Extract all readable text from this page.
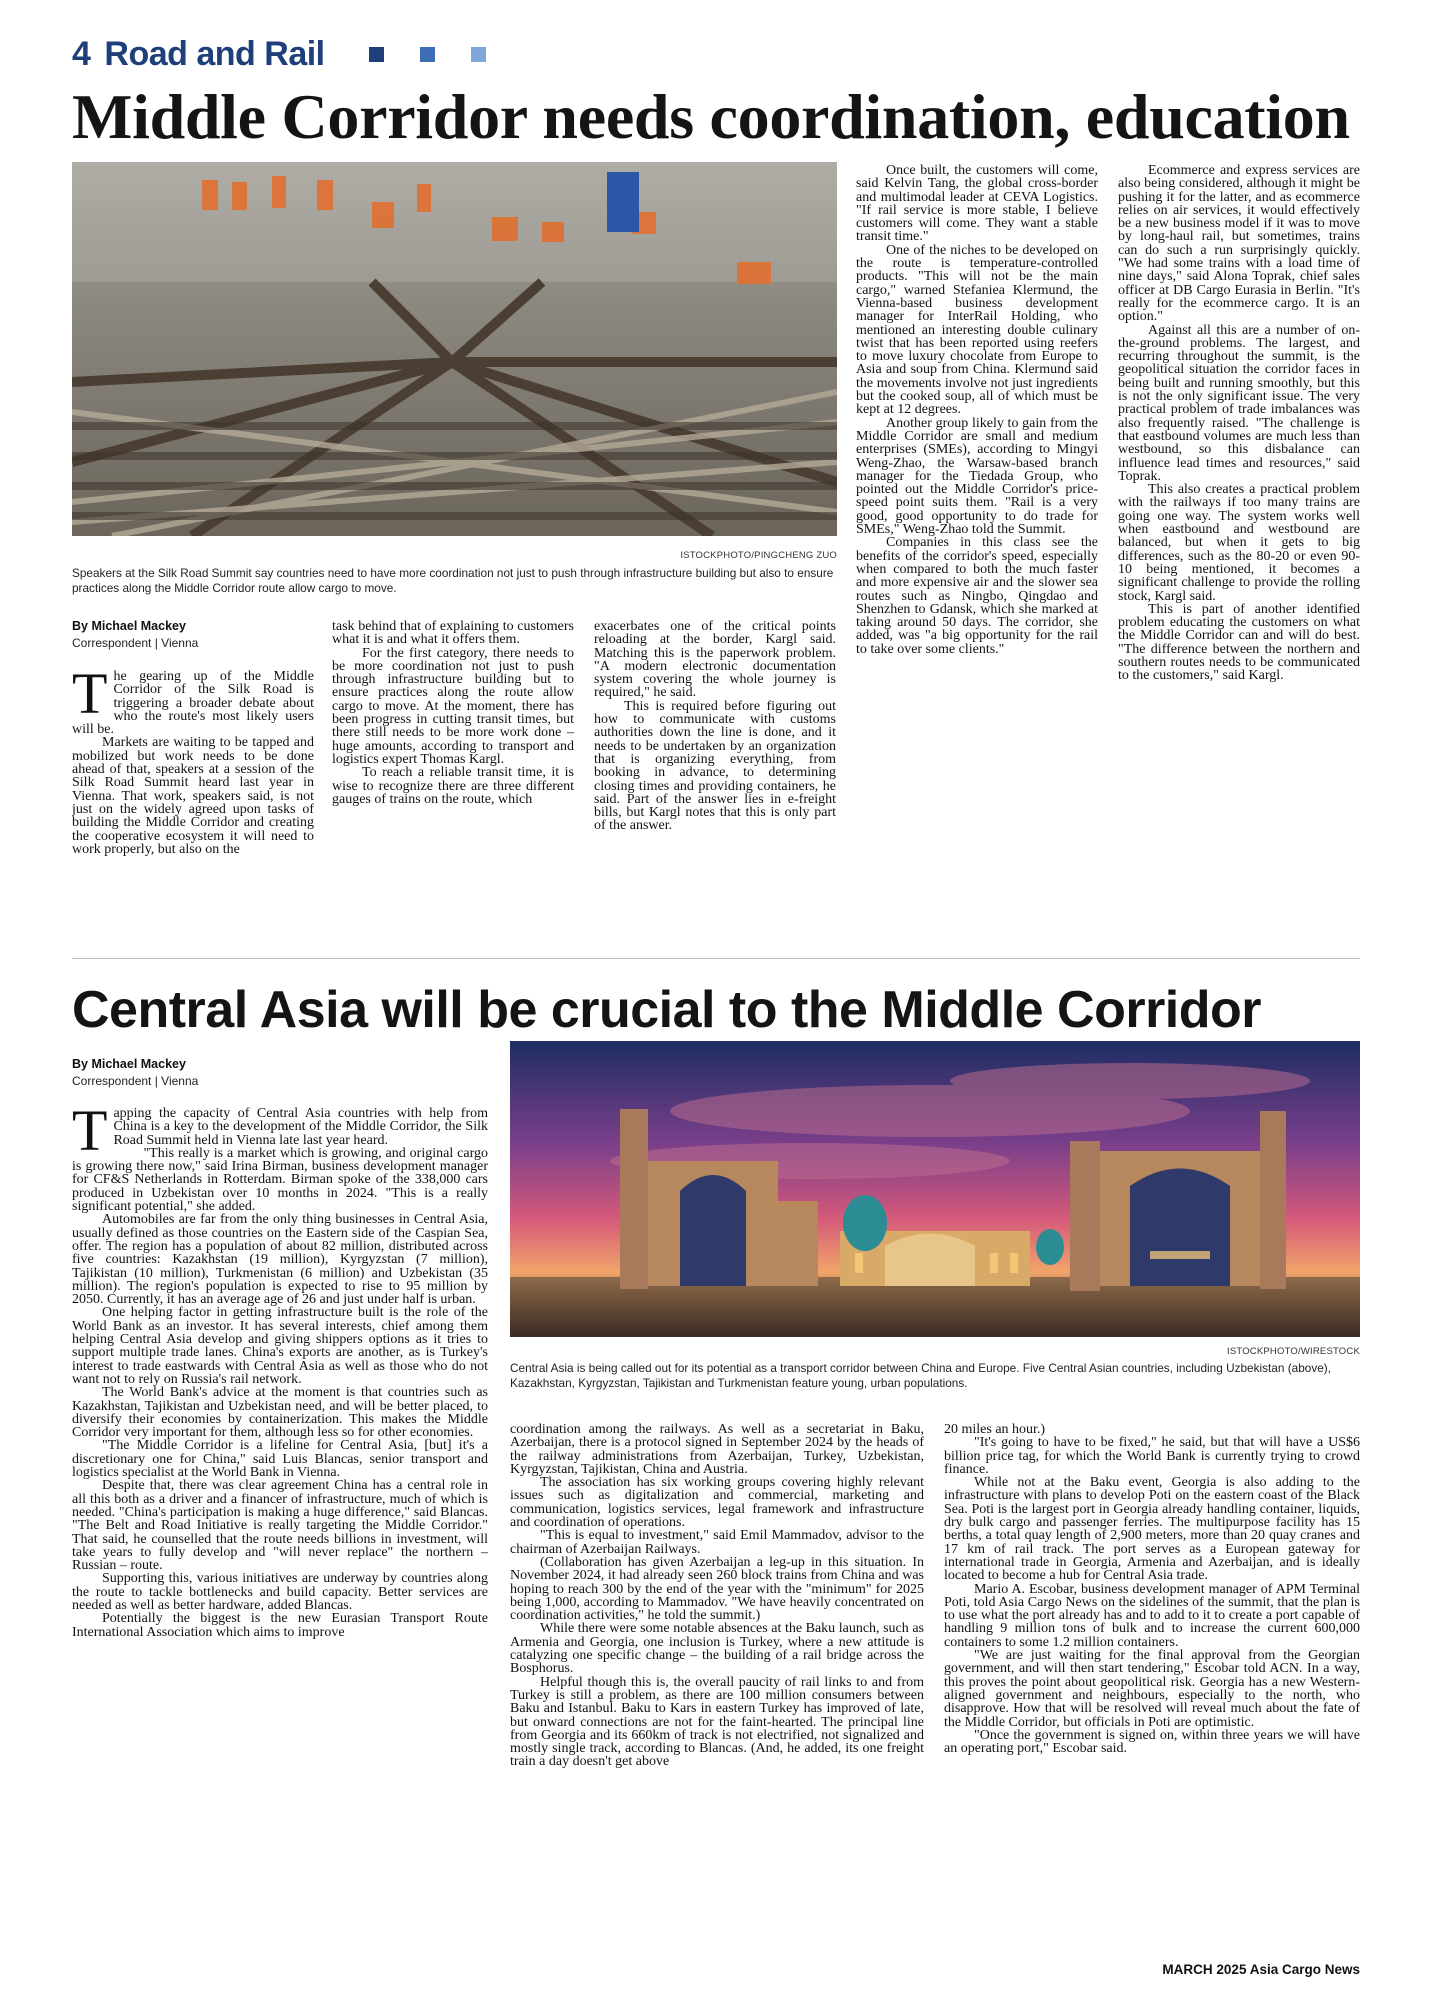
4 Road and Rail
Middle Corridor needs coordination, education
ISTOCKPHOTO/PINGCHENG ZUO
Speakers at the Silk Road Summit say countries need to have more coordination not just to push through infrastructure building but also to ensure practices along the Middle Corridor route allow cargo to move.
By Michael Mackey
Correspondent | Vienna
T he gearing up of the Middle Corridor of the Silk Road is triggering a broader debate about who the route's most likely users will be.

Markets are waiting to be tapped and mobilized but work needs to be done ahead of that, speakers at a session of the Silk Road Summit heard last year in Vienna. That work, speakers said, is not just on the widely agreed upon tasks of building the Middle Corridor and creating the cooperative ecosystem it will need to work properly, but also on the

task behind that of explaining to customers what it is and what it offers them.

For the first category, there needs to be more coordination not just to push through infrastructure building but to ensure practices along the route allow cargo to move. At the moment, there has been progress in cutting transit times, but there still needs to be more work done – huge amounts, according to transport and logistics expert Thomas Kargl.

To reach a reliable transit time, it is wise to recognize there are three different gauges of trains on the route, which

exacerbates one of the critical points reloading at the border, Kargl said. Matching this is the paperwork problem. "A modern electronic documentation system covering the whole journey is required," he said.

This is required before figuring out how to communicate with customs authorities down the line is done, and it needs to be undertaken by an organization that is organizing everything, from booking in advance, to determining closing times and providing containers, he said. Part of the answer lies in e-freight bills, but Kargl notes that this is only part of the answer.

Once built, the customers will come, said Kelvin Tang, the global cross-border and multimodal leader at CEVA Logistics. "If rail service is more stable, I believe customers will come. They want a stable transit time."

One of the niches to be developed on the route is temperature-controlled products. "This will not be the main cargo," warned Stefaniea Klermund, the Vienna-based business development manager for InterRail Holding, who mentioned an interesting double culinary twist that has been reported using reefers to move luxury chocolate from Europe to Asia and soup from China. Klermund said the movements involve not just ingredients but the cooked soup, all of which must be kept at 12 degrees.

Another group likely to gain from the Middle Corridor are small and medium enterprises (SMEs), according to Mingyi Weng-Zhao, the Warsaw-based branch manager for the Tiedada Group, who pointed out the Middle Corridor's price-speed point suits them. "Rail is a very good, good opportunity to do trade for SMEs," Weng-Zhao told the Summit.

Companies in this class see the benefits of the corridor's speed, especially when compared to both the much faster and more expensive air and the slower sea routes such as Ningbo, Qingdao and Shenzhen to Gdansk, which she marked at taking around 50 days. The corridor, she added, was "a big opportunity for the rail to take over some clients."

Ecommerce and express services are also being considered, although it might be pushing it for the latter, and as ecommerce relies on air services, it would effectively be a new business model if it was to move by long-haul rail, but sometimes, trains can do such a run surprisingly quickly. "We had some trains with a load time of nine days," said Alona Toprak, chief sales officer at DB Cargo Eurasia in Berlin. "It's really for the ecommerce cargo. It is an option."

Against all this are a number of on-the-ground problems. The largest, and recurring throughout the summit, is the geopolitical situation the corridor faces in being built and running smoothly, but this is not the only significant issue. The very practical problem of trade imbalances was also frequently raised. "The challenge is that eastbound volumes are much less than westbound, so this disbalance can influence lead times and resources," said Toprak.

This also creates a practical problem with the railways if too many trains are going one way. The system works well when eastbound and westbound are balanced, but when it gets to big differences, such as the 80-20 or even 90-10 being mentioned, it becomes a significant challenge to provide the rolling stock, Kargl said.

This is part of another identified problem educating the customers on what the Middle Corridor can and will do best. "The difference between the northern and southern routes needs to be communicated to the customers," said Kargl.

Central Asia will be crucial to the Middle Corridor
By Michael Mackey
Correspondent | Vienna
ISTOCKPHOTO/WIRESTOCK
Central Asia is being called out for its potential as a transport corridor between China and Europe. Five Central Asian countries, including Uzbekistan (above), Kazakhstan, Kyrgyzstan, Tajikistan and Turkmenistan feature young, urban populations.
T apping the capacity of Central Asia countries with help from China is a key to the development of the Middle Corridor, the Silk Road Summit held in Vienna late last year heard.

"This really is a market which is growing, and original cargo is growing there now," said Irina Birman, business development manager for CF&S Netherlands in Rotterdam. Birman spoke of the 338,000 cars produced in Uzbekistan over 10 months in 2024. "This is a really significant potential," she added.

Automobiles are far from the only thing businesses in Central Asia, usually defined as those countries on the Eastern side of the Caspian Sea, offer. The region has a population of about 82 million, distributed across five countries: Kazakhstan (19 million), Kyrgyzstan (7 million), Tajikistan (10 million), Turkmenistan (6 million) and Uzbekistan (35 million). The region's population is expected to rise to 95 million by 2050. Currently, it has an average age of 26 and just under half is urban.

One helping factor in getting infrastructure built is the role of the World Bank as an investor. It has several interests, chief among them helping Central Asia develop and giving shippers options as it tries to support multiple trade lanes. China's exports are another, as is Turkey's interest to trade eastwards with Central Asia as well as those who do not want not to rely on Russia's rail network.

The World Bank's advice at the moment is that countries such as Kazakhstan, Tajikistan and Uzbekistan need, and will be better placed, to diversify their economies by containerization. This makes the Middle Corridor very important for them, although less so for other economies.

"The Middle Corridor is a lifeline for Central Asia, [but] it's a discretionary one for China," said Luis Blancas, senior transport and logistics specialist at the World Bank in Vienna.

Despite that, there was clear agreement China has a central role in all this both as a driver and a financer of infrastructure, much of which is needed. "China's participation is making a huge difference," said Blancas. "The Belt and Road Initiative is really targeting the Middle Corridor." That said, he counselled that the route needs billions in investment, will take years to fully develop and "will never replace" the northern – Russian – route.

Supporting this, various initiatives are underway by countries along the route to tackle bottlenecks and build capacity. Better services are needed as well as better hardware, added Blancas.

Potentially the biggest is the new Eurasian Transport Route International Association which aims to improve

coordination among the railways. As well as a secretariat in Baku, Azerbaijan, there is a protocol signed in September 2024 by the heads of the railway administrations from Azerbaijan, Turkey, Uzbekistan, Kyrgyzstan, Tajikistan, China and Austria.

The association has six working groups covering highly relevant issues such as digitalization and commercial, marketing and communication, logistics services, legal framework and infrastructure and coordination of operations.

"This is equal to investment," said Emil Mammadov, advisor to the chairman of Azerbaijan Railways.

(Collaboration has given Azerbaijan a leg-up in this situation. In November 2024, it had already seen 260 block trains from China and was hoping to reach 300 by the end of the year with the "minimum" for 2025 being 1,000, according to Mammadov. "We have heavily concentrated on coordination activities," he told the summit.)

While there were some notable absences at the Baku launch, such as Armenia and Georgia, one inclusion is Turkey, where a new attitude is catalyzing one specific change – the building of a rail bridge across the Bosphorus.

Helpful though this is, the overall paucity of rail links to and from Turkey is still a problem, as there are 100 million consumers between Baku and Istanbul. Baku to Kars in eastern Turkey has improved of late, but onward connections are not for the faint-hearted. The principal line from Georgia and its 660km of track is not electrified, not signalized and mostly single track, according to Blancas. (And, he added, its one freight train a day doesn't get above

20 miles an hour.)

"It's going to have to be fixed," he said, but that will have a US$6 billion price tag, for which the World Bank is currently trying to crowd finance.

While not at the Baku event, Georgia is also adding to the infrastructure with plans to develop Poti on the eastern coast of the Black Sea. Poti is the largest port in Georgia already handling container, liquids, dry bulk cargo and passenger ferries. The multipurpose facility has 15 berths, a total quay length of 2,900 meters, more than 20 quay cranes and 17 km of rail track. The port serves as a European gateway for international trade in Georgia, Armenia and Azerbaijan, and is ideally located to become a hub for Central Asia trade.

Mario A. Escobar, business development manager of APM Terminal Poti, told Asia Cargo News on the sidelines of the summit, that the plan is to use what the port already has and to add to it to create a port capable of handling 9 million tons of bulk and to increase the current 600,000 containers to some 1.2 million containers.

"We are just waiting for the final approval from the Georgian government, and will then start tendering," Escobar told ACN. In a way, this proves the point about geopolitical risk. Georgia has a new Western-aligned government and neighbours, especially to the north, who disapprove. How that will be resolved will reveal much about the fate of the Middle Corridor, but officials in Poti are optimistic.

"Once the government is signed on, within three years we will have an operating port," Escobar said.

MARCH 2025 Asia Cargo News
